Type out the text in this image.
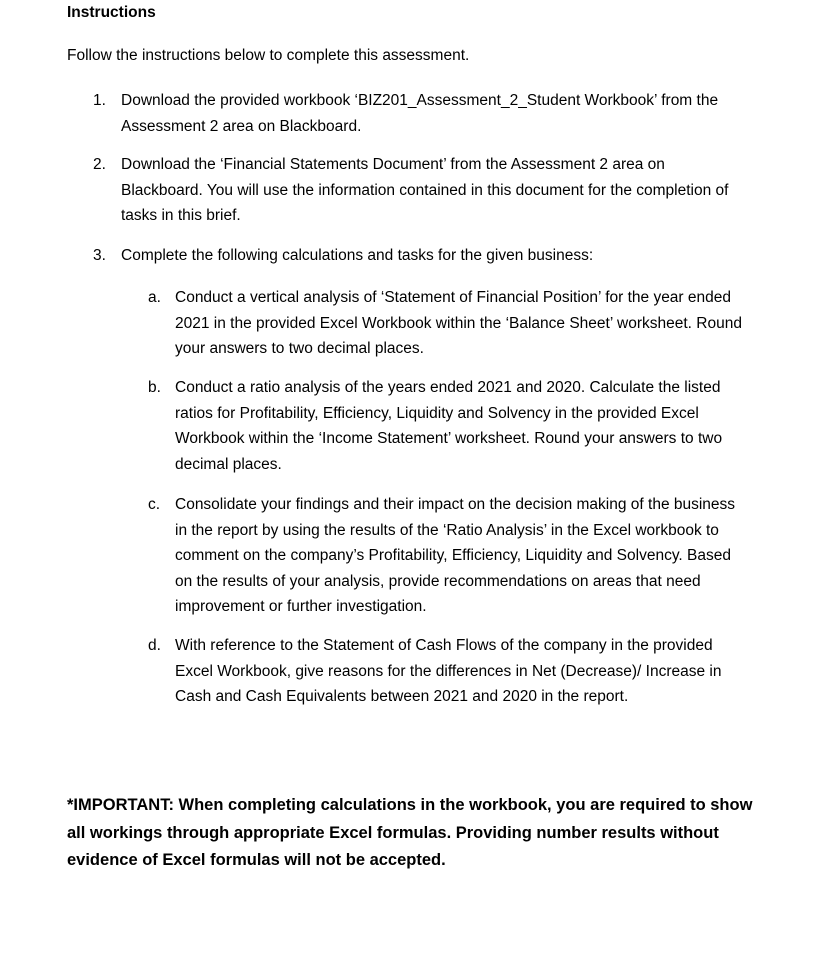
Instructions
Follow the instructions below to complete this assessment.
1. Download the provided workbook ‘BIZ201_Assessment_2_Student Workbook’ from the Assessment 2 area on Blackboard.
2. Download the ‘Financial Statements Document’ from the Assessment 2 area on Blackboard. You will use the information contained in this document for the completion of tasks in this brief.
3. Complete the following calculations and tasks for the given business:
a. Conduct a vertical analysis of ‘Statement of Financial Position’ for the year ended 2021 in the provided Excel Workbook within the ‘Balance Sheet’ worksheet. Round your answers to two decimal places.
b. Conduct a ratio analysis of the years ended 2021 and 2020. Calculate the listed ratios for Profitability, Efficiency, Liquidity and Solvency in the provided Excel Workbook within the ‘Income Statement’ worksheet. Round your answers to two decimal places.
c. Consolidate your findings and their impact on the decision making of the business in the report by using the results of the ‘Ratio Analysis’ in the Excel workbook to comment on the company’s Profitability, Efficiency, Liquidity and Solvency. Based on the results of your analysis, provide recommendations on areas that need improvement or further investigation.
d. With reference to the Statement of Cash Flows of the company in the provided Excel Workbook, give reasons for the differences in Net (Decrease)/ Increase in Cash and Cash Equivalents between 2021 and 2020 in the report.
*IMPORTANT: When completing calculations in the workbook, you are required to show all workings through appropriate Excel formulas. Providing number results without evidence of Excel formulas will not be accepted.
